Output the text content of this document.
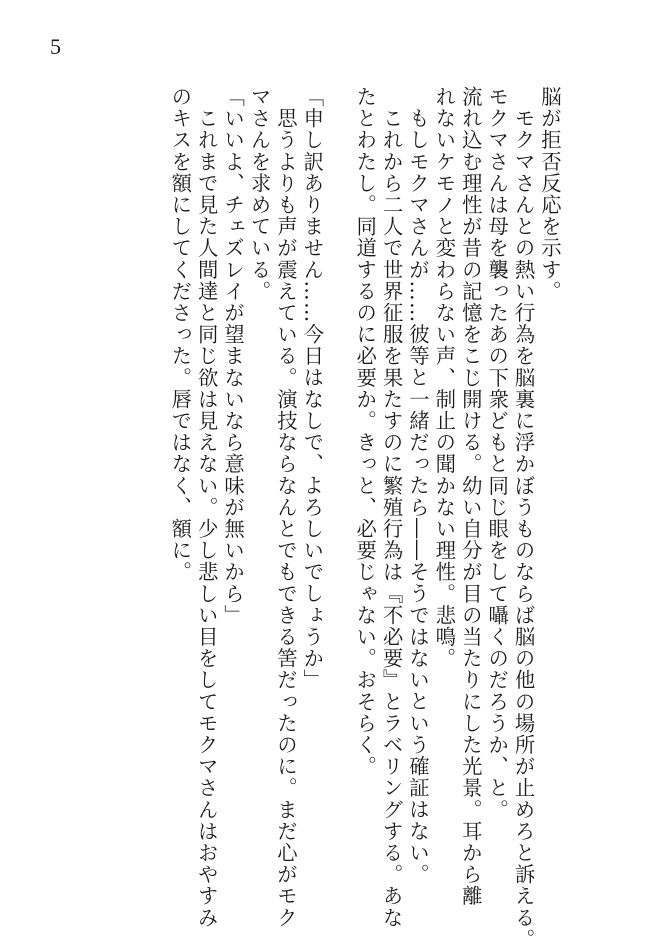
5
脳が拒否反応を示す。
　モクマさんとの熱い行為を脳裏に浮かぼうものならば脳の他の場所が止めろと訴える。
モクマさんは母を襲ったあの下衆どもと同じ眼をして囁くのだろうか、と。
流れ込む理性が昔の記憶をこじ開ける。幼い自分が目の当たりにした光景。耳から離
れないケモノと変わらない声、制止の聞かない理性。悲鳴。
　もしモクマさんが……彼等と一緒だったら――そうではないという確証はない。
　これから二人で世界征服を果たすのに繁殖行為は『不必要』とラベリングする。あな
たとわたし。同道するのに必要か。きっと、必要じゃない。おそらく。

「申し訳ありません……今日はなしで、よろしいでしょうか」
　思うよりも声が震えている。演技ならなんとでもできる筈だったのに。まだ心がモク
マさんを求めている。
「いいよ、チェズレイが望まないなら意味が無いから」
　これまで見た人間達と同じ欲は見えない。少し悲しい目をしてモクマさんはおやすみ
のキスを額にしてくださった。唇ではなく、額に。
